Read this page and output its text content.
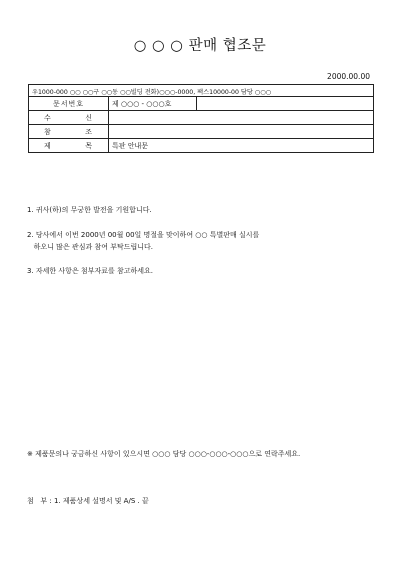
○ ○ ○ 판매 협조문
2000.00.00
우1000-000 ○○ ○○구 ○○동 ○○빌딩 전화)○○○-0000, 팩스10000-00 담당 ○○○
문서번호	제 ○○○ - ○○○호	

수 신		

참 조		

제 목	특판 안내문	
1. 귀사(하)의 무궁한 발전을 기원합니다.
2. 당사에서 이번 2000년 00월 00일 명절을 맞이하여 ○○ 특별판매 실시를
하오니 많은 관심과 참여 부탁드립니다.
3. 자세한 사항은 첨부자료를 참고하세요.
※ 제품문의나 궁금하신 사항이 있으시면 ○○○ 담당 ○○○-○○○-○○○으로 연락주세요.
첨   부 : 1. 제품상세 설명서 및 A/S . 끝
